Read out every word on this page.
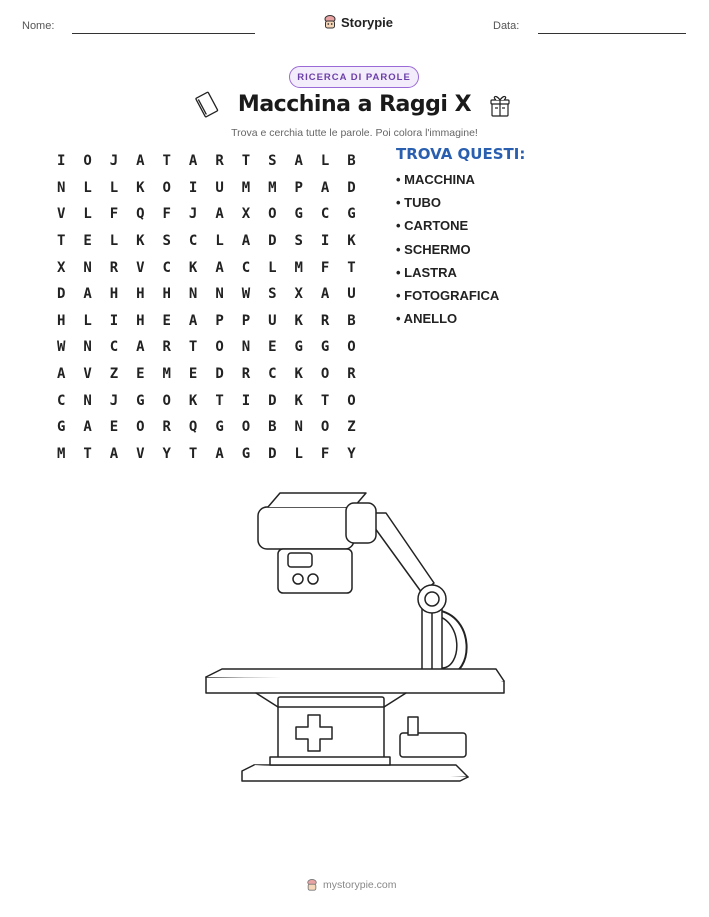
Nome:	Storypie	Data:
RICERCA DI PAROLE
Macchina a Raggi X
Trova e cerchia tutte le parole. Poi colora l'immagine!
I	O	J	A	T	A	R	T	S	A	L	B
N	L	L	K	O	I	U	M	M	P	A	D
V	L	F	Q	F	J	A	X	O	G	C	G
T	E	L	K	S	C	L	A	D	S	I	K
X	N	R	V	C	K	A	C	L	M	F	T
D	A	H	H	H	N	N	W	S	X	A	U
H	L	I	H	E	A	P	P	U	K	R	B
W	N	C	A	R	T	O	N	E	G	G	O
A	V	Z	E	M	E	D	R	C	K	O	R
C	N	J	G	O	K	T	I	D	K	T	O
G	A	E	O	R	Q	G	O	B	N	O	Z
M	T	A	V	Y	T	A	G	D	L	F	Y
TROVA QUESTI:
• MACCHINA
• TUBO
• CARTONE
• SCHERMO
• LASTRA
• FOTOGRAFICA
• ANELLO
mystorypie.com
